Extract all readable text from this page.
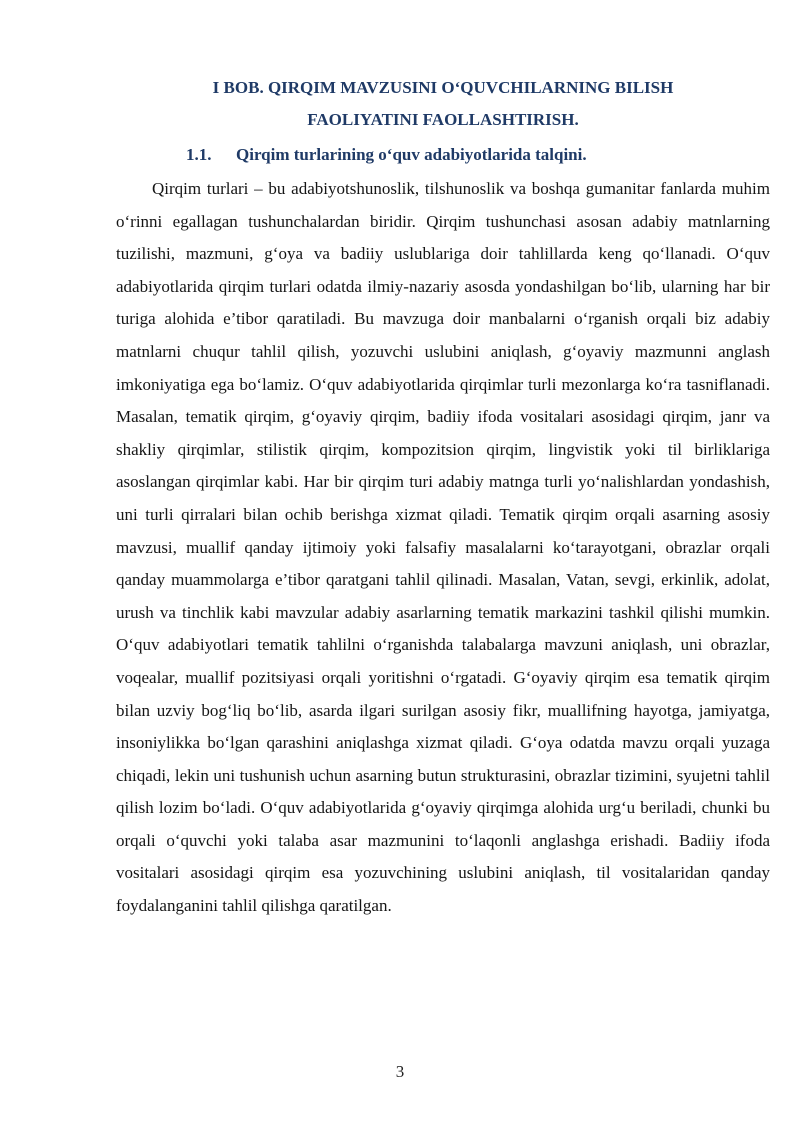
I BOB. QIRQIM MAVZUSINI O‘QUVCHILARNING BILISH
FAOLIYATINI FAOLLASHTIRISH.
1.1. Qirqim turlarining o‘quv adabiyotlarida talqini.

Qirqim turlari – bu adabiyotshunoslik, tilshunoslik va boshqa gumanitar fanlarda muhim o‘rinni egallagan tushunchalardan biridir. Qirqim tushunchasi asosan adabiy matnlarning tuzilishi, mazmuni, g‘oya va badiiy uslublariga doir tahlillarda keng qo‘llanadi. O‘quv adabiyotlarida qirqim turlari odatda ilmiy-nazariy asosda yondashilgan bo‘lib, ularning har bir turiga alohida e’tibor qaratiladi. Bu mavzuga doir manbalarni o‘rganish orqali biz adabiy matnlarni chuqur tahlil qilish, yozuvchi uslubini aniqlash, g‘oyaviy mazmunni anglash imkoniyatiga ega bo‘lamiz. O‘quv adabiyotlarida qirqimlar turli mezonlarga ko‘ra tasniflanadi. Masalan, tematik qirqim, g‘oyaviy qirqim, badiiy ifoda vositalari asosidagi qirqim, janr va shakliy qirqimlar, stilistik qirqim, kompozitsion qirqim, lingvistik yoki til birliklariga asoslangan qirqimlar kabi. Har bir qirqim turi adabiy matnga turli yo‘nalishlardan yondashish, uni turli qirralari bilan ochib berishga xizmat qiladi. Tematik qirqim orqali asarning asosiy mavzusi, muallif qanday ijtimoiy yoki falsafiy masalalarni ko‘tarayotgani, obrazlar orqali qanday muammolarga e’tibor qaratgani tahlil qilinadi. Masalan, Vatan, sevgi, erkinlik, adolat, urush va tinchlik kabi mavzular adabiy asarlarning tematik markazini tashkil qilishi mumkin. O‘quv adabiyotlari tematik tahlilni o‘rganishda talabalarga mavzuni aniqlash, uni obrazlar, voqealar, muallif pozitsiyasi orqali yoritishni o‘rgatadi. G‘oyaviy qirqim esa tematik qirqim bilan uzviy bog‘liq bo‘lib, asarda ilgari surilgan asosiy fikr, muallifning hayotga, jamiyatga, insoniylikka bo‘lgan qarashini aniqlashga xizmat qiladi. G‘oya odatda mavzu orqali yuzaga chiqadi, lekin uni tushunish uchun asarning butun strukturasini, obrazlar tizimini, syujetni tahlil qilish lozim bo‘ladi. O‘quv adabiyotlarida g‘oyaviy qirqimga alohida urg‘u beriladi, chunki bu orqali o‘quvchi yoki talaba asar mazmunini to‘laqonli anglashga erishadi. Badiiy ifoda vositalari asosidagi qirqim esa yozuvchining uslubini aniqlash, til vositalaridan qanday foydalanganini tahlil qilishga qaratilgan.

3
